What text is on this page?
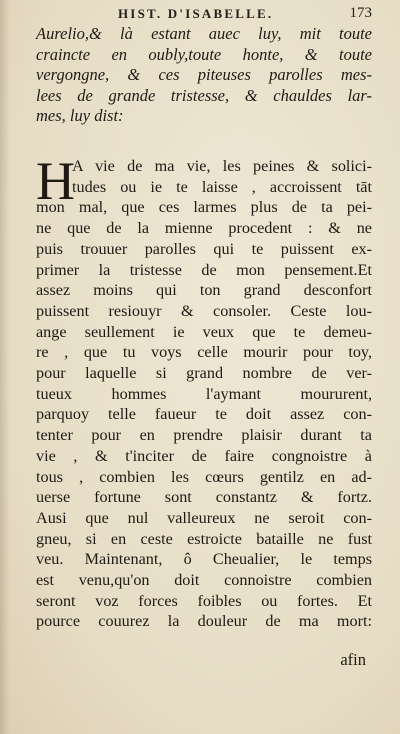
HIST. D'ISABELLE.	173
Aurelio,& là estant auec luy, mit toute
craincte en oubly,toute honte, & toute
vergongne, & ces piteuses parolles mes-
lees de grande tristesse, & chauldes lar-
mes, luy dist:
H
A vie de ma vie, les peines & solici-
tudes ou ie te laisse , accroissent tāt
mon mal, que ces larmes plus de ta pei-
ne que de la mienne procedent : & ne
puis trouuer parolles qui te puissent ex-
primer la tristesse de mon pensement.Et
assez moins qui ton grand desconfort
puissent resiouyr & consoler. Ceste lou-
ange seullement ie veux que te demeu-
re , que tu voys celle mourir pour toy,
pour laquelle si grand nombre de ver-
tueux hommes l'aymant moururent,
parquoy telle faueur te doit assez con-
tenter pour en prendre plaisir durant ta
vie , & t'inciter de faire congnoistre à
tous , combien les cœurs gentilz en ad-
uerse fortune sont constantz & fortz.
Ausi que nul valleureux ne seroit con-
gneu, si en ceste estroicte bataille ne fust
veu. Maintenant, ô Cheualier, le temps
est venu,qu'on doit connoistre combien
seront voz forces foibles ou fortes. Et
pource couurez la douleur de ma mort:
afin
